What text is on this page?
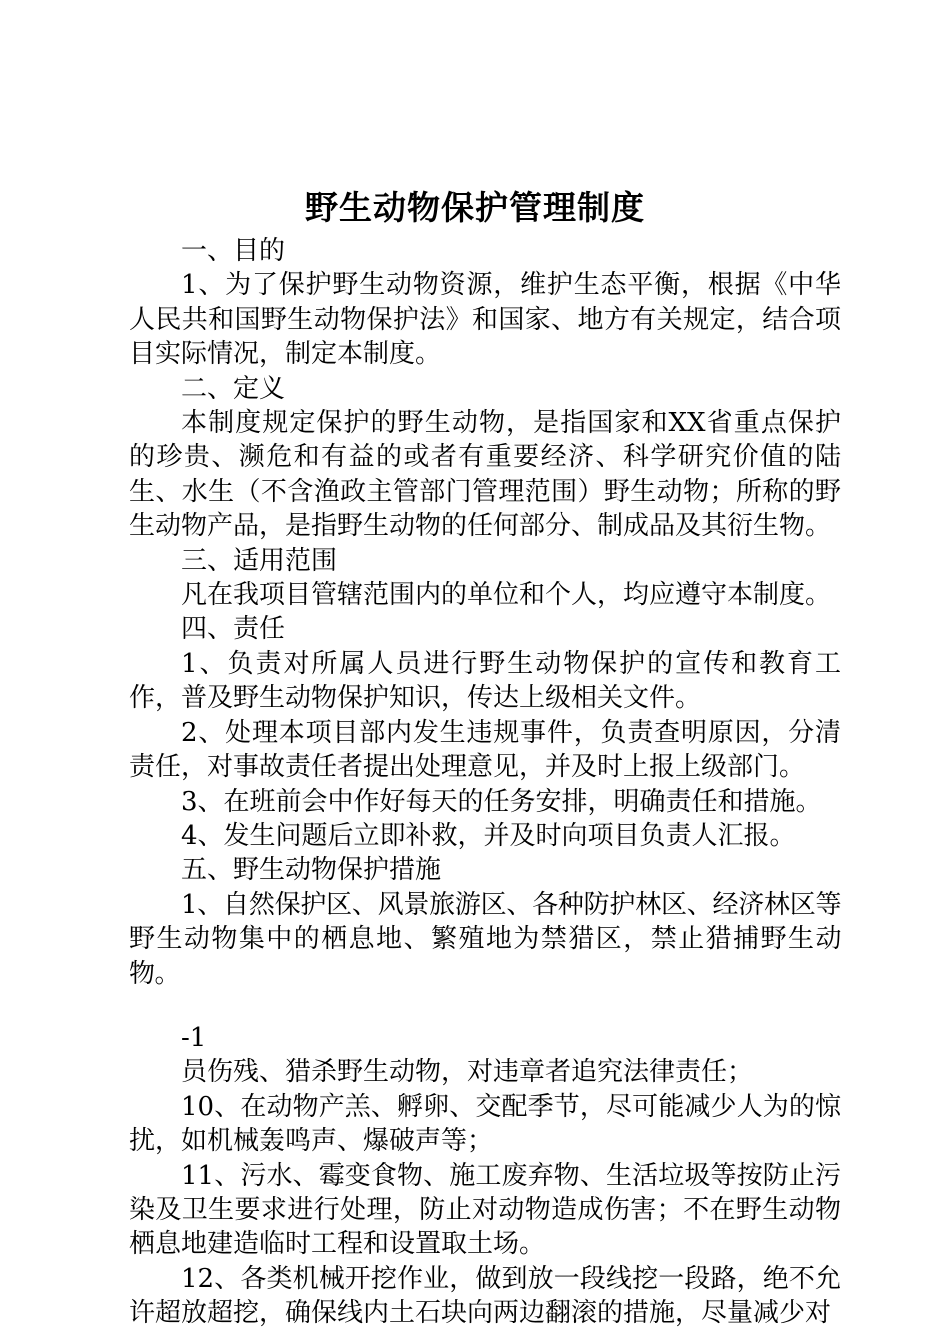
野生动物保护管理制度

一、目的

1、为了保护野生动物资源，维护生态平衡，根据《中华人民共和国野生动物保护法》和国家、地方有关规定，结合项目实际情况，制定本制度。

二、定义

本制度规定保护的野生动物，是指国家和XX省重点保护的珍贵、濒危和有益的或者有重要经济、科学研究价值的陆生、水生（不含渔政主管部门管理范围）野生动物；所称的野生动物产品，是指野生动物的任何部分、制成品及其衍生物。

三、适用范围

凡在我项目管辖范围内的单位和个人，均应遵守本制度。

四、责任

1、负责对所属人员进行野生动物保护的宣传和教育工作，普及野生动物保护知识，传达上级相关文件。

2、处理本项目部内发生违规事件，负责查明原因，分清责任，对事故责任者提出处理意见，并及时上报上级部门。

3、在班前会中作好每天的任务安排，明确责任和措施。

4、发生问题后立即补救，并及时向项目负责人汇报。

五、野生动物保护措施

1、自然保护区、风景旅游区、各种防护林区、经济林区等野生动物集中的栖息地、繁殖地为禁猎区，禁止猎捕野生动物。

-1

员伤残、猎杀野生动物，对违章者追究法律责任；

10、在动物产羔、孵卵、交配季节，尽可能减少人为的惊扰，如机械轰鸣声、爆破声等；

11、污水、霉变食物、施工废弃物、生活垃圾等按防止污染及卫生要求进行处理，防止对动物造成伤害；不在野生动物栖息地建造临时工程和设置取土场。

12、各类机械开挖作业，做到放一段线挖一段路，绝不允许超放超挖，确保线内土石块向两边翻滚的措施，尽量减少对
